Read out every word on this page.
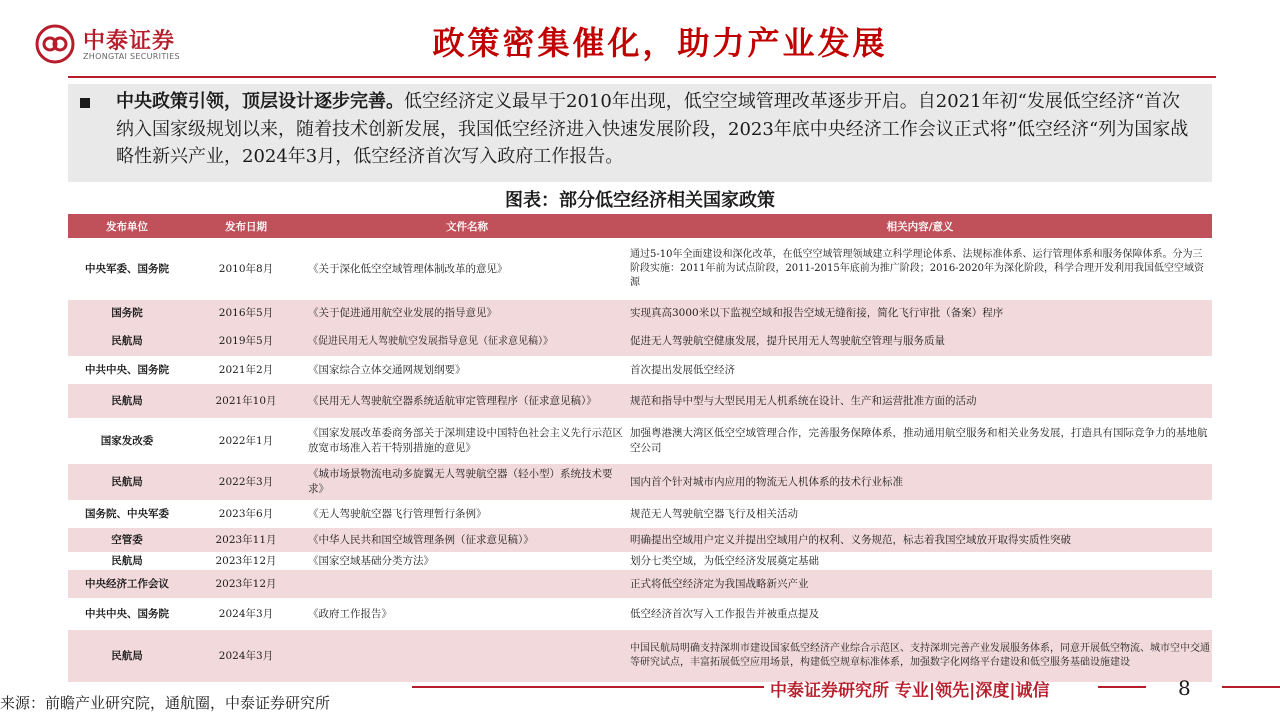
中泰证券
ZHONGTAI SECURITIES	政策密集催化，助力产业发展
中央政策引领，顶层设计逐步完善。低空经济定义最早于2010年出现，低空空域管理改革逐步开启。自2021年初“发展低空经济“首次纳入国家级规划以来，随着技术创新发展，我国低空经济进入快速发展阶段，2023年底中央经济工作会议正式将”低空经济“列为国家战略性新兴产业，2024年3月，低空经济首次写入政府工作报告。
图表：部分低空经济相关国家政策
发布单位	发布日期	文件名称	相关内容/意义
中央军委、国务院	2010年8月	《关于深化低空空域管理体制改革的意见》	通过5-10年全面建设和深化改革，在低空空域管理领域建立科学理论体系、法规标准体系、运行管理体系和服务保障体系。分为三阶段实施：2011年前为试点阶段，2011-2015年底前为推广阶段；2016-2020年为深化阶段，科学合理开发利用我国低空空域资源
国务院	2016年5月	《关于促进通用航空业发展的指导意见》	实现真高3000米以下监视空域和报告空域无缝衔接，简化飞行审批（备案）程序
民航局	2019年5月	《促进民用无人驾驶航空发展指导意见（征求意见稿）》	促进无人驾驶航空健康发展，提升民用无人驾驶航空管理与服务质量
中共中央、国务院	2021年2月	《国家综合立体交通网规划纲要》	首次提出发展低空经济
民航局	2021年10月	《民用无人驾驶航空器系统适航审定管理程序（征求意见稿）》	规范和指导中型与大型民用无人机系统在设计、生产和运营批准方面的活动
国家发改委	2022年1月	《国家发展改革委商务部关于深圳建设中国特色社会主义先行示范区放宽市场准入若干特别措施的意见》	加强粤港澳大湾区低空空域管理合作，完善服务保障体系，推动通用航空服务和相关业务发展，打造具有国际竞争力的基地航空公司
民航局	2022年3月	《城市场景物流电动多旋翼无人驾驶航空器（轻小型）系统技术要求》	国内首个针对城市内应用的物流无人机体系的技术行业标准
国务院、中央军委	2023年6月	《无人驾驶航空器飞行管理暂行条例》	规范无人驾驶航空器飞行及相关活动
空管委	2023年11月	《中华人民共和国空域管理条例（征求意见稿）》	明确提出空域用户定义并提出空域用户的权利、义务规范，标志着我国空域放开取得实质性突破
民航局	2023年12月	《国家空域基础分类方法》	划分七类空域，为低空经济发展奠定基础
中央经济工作会议	2023年12月		正式将低空经济定为我国战略新兴产业
中共中央、国务院	2024年3月	《政府工作报告》	低空经济首次写入工作报告并被重点提及
民航局	2024年3月		中国民航局明确支持深圳市建设国家低空经济产业综合示范区、支持深圳完善产业发展服务体系，同意开展低空物流、城市空中交通等研究试点，丰富拓展低空应用场景，构建低空规章标准体系，加强数字化网络平台建设和低空服务基础设施建设
来源：前瞻产业研究院，通航圈，中泰证券研究所
中泰证券研究所 专业|领先|深度|诚信	8
